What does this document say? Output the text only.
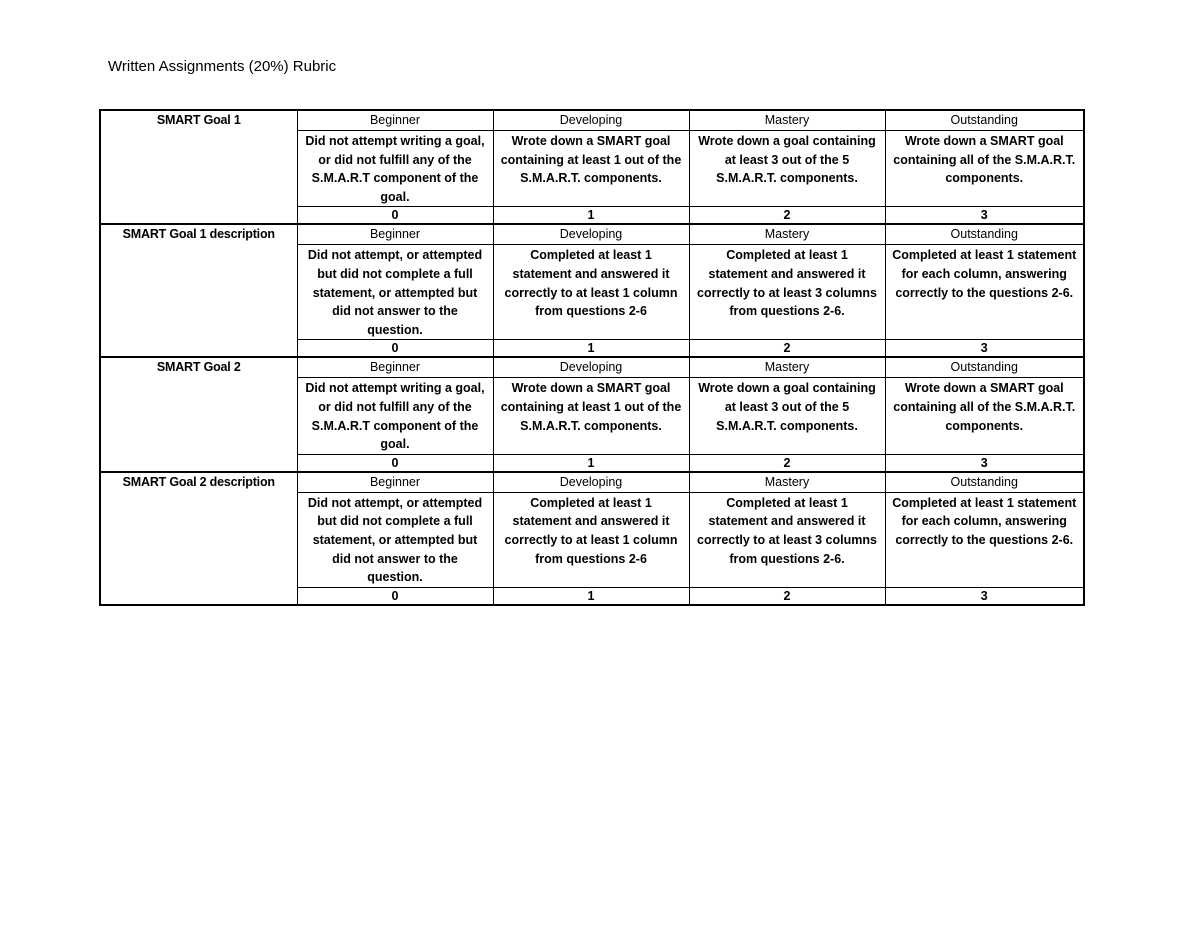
Written Assignments (20%) Rubric
SMART Goal 1	Beginner	Developing	Mastery	Outstanding
	Did not attempt writing a goal, or did not fulfill any of the S.M.A.R.T component of the goal.	Wrote down a SMART goal containing at least 1 out of the S.M.A.R.T. components.	Wrote down a goal containing at least 3 out of the 5 S.M.A.R.T. components.	Wrote down a SMART goal containing all of the S.M.A.R.T. components.
	0	1	2	3
SMART Goal 1 description	Beginner	Developing	Mastery	Outstanding
	Did not attempt, or attempted but did not complete a full statement, or attempted but did not answer to the question.	Completed at least 1 statement and answered it correctly to at least 1 column from questions 2-6	Completed at least 1 statement and answered it correctly to at least 3 columns from questions 2-6.	Completed at least 1 statement for each column, answering correctly to the questions 2-6.
	0	1	2	3
SMART Goal 2	Beginner	Developing	Mastery	Outstanding
	Did not attempt writing a goal, or did not fulfill any of the S.M.A.R.T component of the goal.	Wrote down a SMART goal containing at least 1 out of the S.M.A.R.T. components.	Wrote down a goal containing at least 3 out of the 5 S.M.A.R.T. components.	Wrote down a SMART goal containing all of the S.M.A.R.T. components.
	0	1	2	3
SMART Goal 2 description	Beginner	Developing	Mastery	Outstanding
	Did not attempt, or attempted but did not complete a full statement, or attempted but did not answer to the question.	Completed at least 1 statement and answered it correctly to at least 1 column from questions 2-6	Completed at least 1 statement and answered it correctly to at least 3 columns from questions 2-6.	Completed at least 1 statement for each column, answering correctly to the questions 2-6.
	0	1	2	3
